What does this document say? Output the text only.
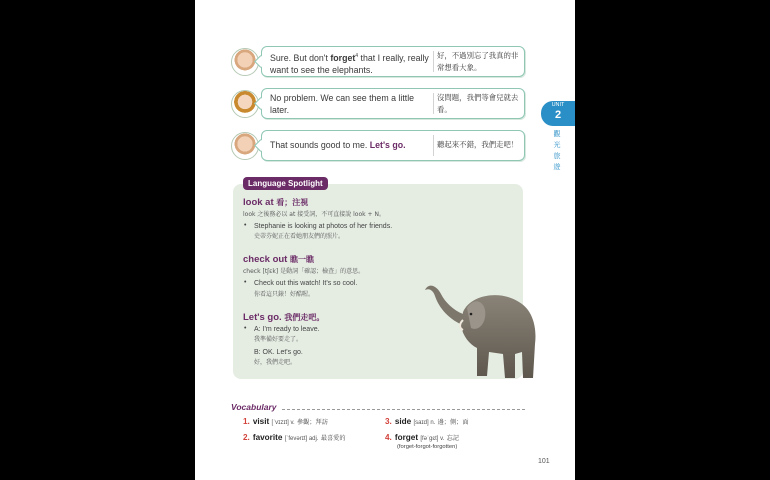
Sure. But don't forget$^4$ that I really, really want to see the elephants.
好，不過別忘了我真的非常想看大象。
No problem. We can see them a little later.
沒問題，我們等會兒就去看。
That sounds good to me. Let's go.	聽起來不錯，我們走吧！
UNIT
2
觀
光
旅
遊
Language Spotlight
look at 看；注視
look 之後務必以 at 接受詞，不可直接說 look + N。
• Stephanie is looking at photos of her friends.
史蒂芬妮正在看她朋友們的照片。
check out 瞧一瞧
check [tʃɛk] 是動詞「確認；檢查」的意思。
• Check out this watch! It's so cool.
你看這只錶！好酷喔。
Let's go. 我們走吧。
• A: I'm ready to leave.
我準備好要走了。
B: OK. Let's go.
好，我們走吧。
Vocabulary
1. visit [ˈvɪzɪt] v. 參觀；拜訪
2. favorite [ˈfevərɪt] adj. 最喜愛的
3. side [saɪd] n. 邊；側；面
4. forget [fəˈgɛt] v. 忘記
(forget-forgot-forgotten)
101
